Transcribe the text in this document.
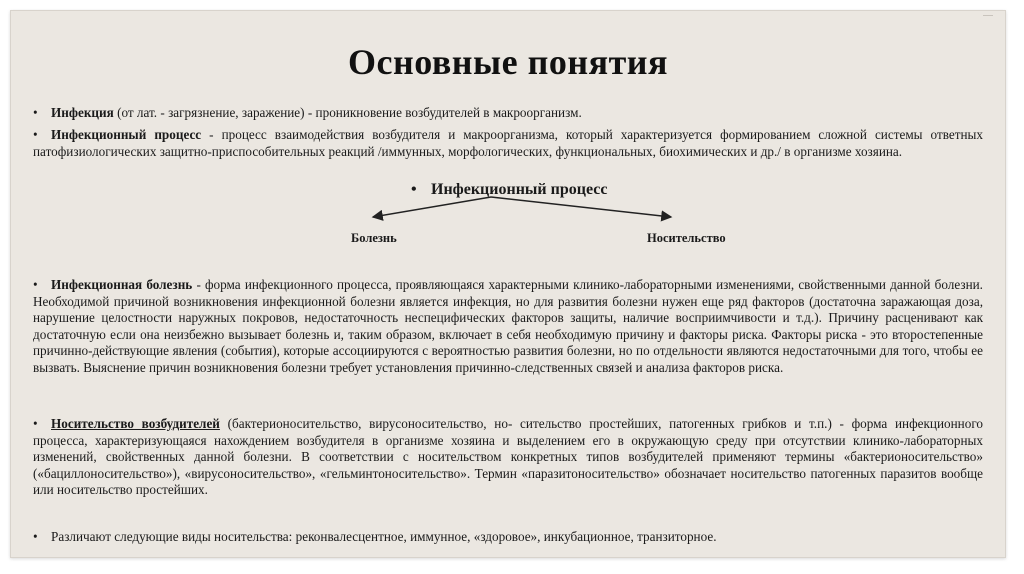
Основные понятия
• Инфекция (от лат. - загрязнение, заражение) - проникновение возбудителей в макроорганизм.
• Инфекционный процесс - процесс взаимодействия возбудителя и макроорганизма, который характеризуется формированием сложной системы ответных патофизиологических защитно-приспособительных реакций /иммунных, морфологических, функциональных, биохимических и др./ в организме хозяина.
• Инфекционный процесс
Болезнь	Носительство
• Инфекционная болезнь - форма инфекционного процесса, проявляющаяся характерными клинико-лабораторными изменениями, свойственными данной болезни. Необходимой причиной возникновения инфекционной болезни является инфекция, но для развития болезни нужен еще ряд факторов (достаточна заражающая доза, нарушение целостности наружных покровов, недостаточность неспецифических факторов защиты, наличие восприимчивости и т.д.). Причину расценивают как достаточную если она неизбежно вызывает болезнь и, таким образом, включает в себя необходимую причину и факторы риска. Факторы риска - это второстепенные причинно-действующие явления (события), которые ассоциируются с вероятностью развития болезни, но по отдельности являются недостаточными для того, чтобы ее вызвать. Выяснение причин возникновения болезни требует установления причинно-следственных связей и анализа факторов риска.
• Носительство возбудителей (бактерионосительство, вирусоносительство, но- сительство простейших, патогенных грибков и т.п.) - форма инфекционного процесса, характеризующаяся нахождением возбудителя в организме хозяина и выделением его в окружающую среду при отсутствии клинико-лабораторных изменений, свойственных данной болезни. В соответствии с носительством конкретных типов возбудителей применяют термины «бактерионосительство» («бациллоносительство»), «вирусоносительство», «гельминтоносительство». Термин «паразитоносительство» обозначает носительство патогенных паразитов вообще или носительство простейших.
• Различают следующие виды носительства: реконвалесцентное, иммунное, «здоровое», инкубационное, транзиторное.
